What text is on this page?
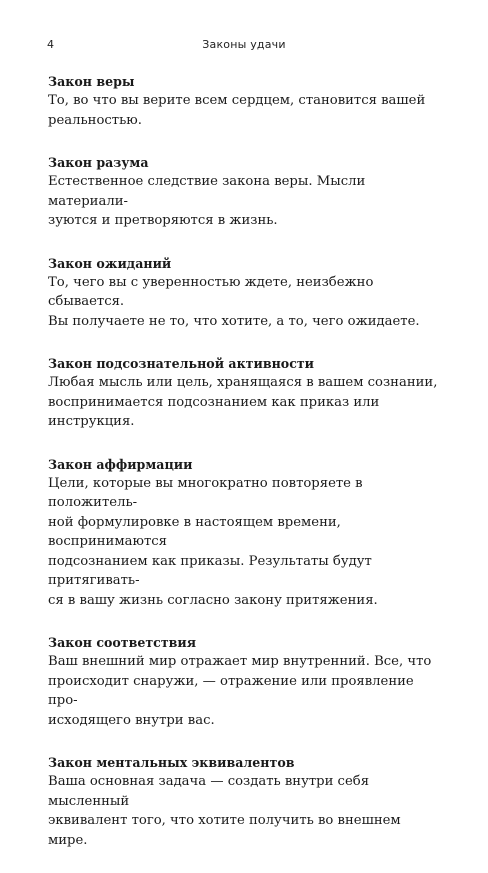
4	Законы удачи

Закон веры

То, во что вы верите всем сердцем, становится вашей
реальностью.

Закон разума

Естественное следствие закона веры. Мысли материали-
зуются и претворяются в жизнь.

Закон ожиданий

То, чего вы с уверенностью ждете, неизбежно сбывается.
Вы получаете не то, что хотите, а то, чего ожидаете.

Закон подсознательной активности

Любая мысль или цель, хранящаяся в вашем сознании,
воспринимается подсознанием как приказ или инструкция.

Закон аффирмации

Цели, которые вы многократно повторяете в положитель-
ной формулировке в настоящем времени, воспринимаются
подсознанием как приказы. Результаты будут притягивать-
ся в вашу жизнь согласно закону притяжения.

Закон соответствия

Ваш внешний мир отражает мир внутренний. Все, что
происходит снаружи, — отражение или проявление про-
исходящего внутри вас.

Закон ментальных эквивалентов

Ваша основная задача — создать внутри себя мысленный
эквивалент того, что хотите получить во внешнем мире.
